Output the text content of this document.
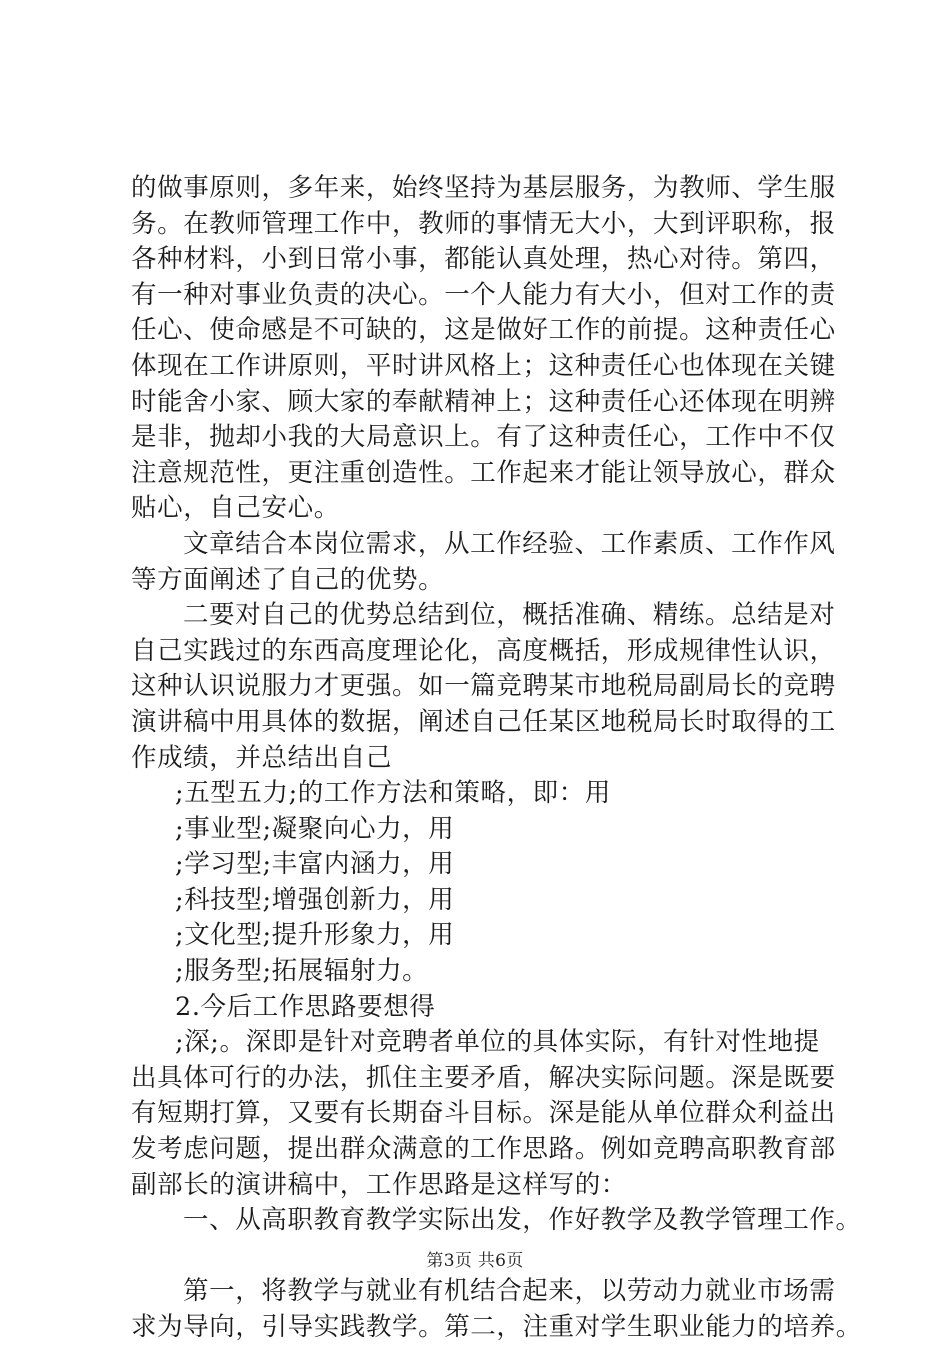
的做事原则，多年来，始终坚持为基层服务，为教师、学生服
务。在教师管理工作中，教师的事情无大小，大到评职称，报
各种材料，小到日常小事，都能认真处理，热心对待。第四，
有一种对事业负责的决心。一个人能力有大小，但对工作的责
任心、使命感是不可缺的，这是做好工作的前提。这种责任心
体现在工作讲原则，平时讲风格上；这种责任心也体现在关键
时能舍小家、顾大家的奉献精神上；这种责任心还体现在明辨
是非，抛却小我的大局意识上。有了这种责任心，工作中不仅
注意规范性，更注重创造性。工作起来才能让领导放心，群众
贴心，自己安心。
文章结合本岗位需求，从工作经验、工作素质、工作作风
等方面阐述了自己的优势。
二要对自己的优势总结到位，概括准确、精练。总结是对
自己实践过的东西高度理论化，高度概括，形成规律性认识，
这种认识说服力才更强。如一篇竞聘某市地税局副局长的竞聘
演讲稿中用具体的数据，阐述自己任某区地税局长时取得的工
作成绩，并总结出自己
;五型五力;的工作方法和策略，即：用
;事业型;凝聚向心力，用
;学习型;丰富内涵力，用
;科技型;增强创新力，用
;文化型;提升形象力，用
;服务型;拓展辐射力。
2.今后工作思路要想得
;深;。深即是针对竞聘者单位的具体实际，有针对性地提
出具体可行的办法，抓住主要矛盾，解决实际问题。深是既要
有短期打算，又要有长期奋斗目标。深是能从单位群众利益出
发考虑问题，提出群众满意的工作思路。例如竞聘高职教育部
副部长的演讲稿中，工作思路是这样写的：
一、从高职教育教学实际出发，作好教学及教学管理工作。
第一，将教学与就业有机结合起来，以劳动力就业市场需
求为导向，引导实践教学。第二，注重对学生职业能力的培养。
第3页 共6页
